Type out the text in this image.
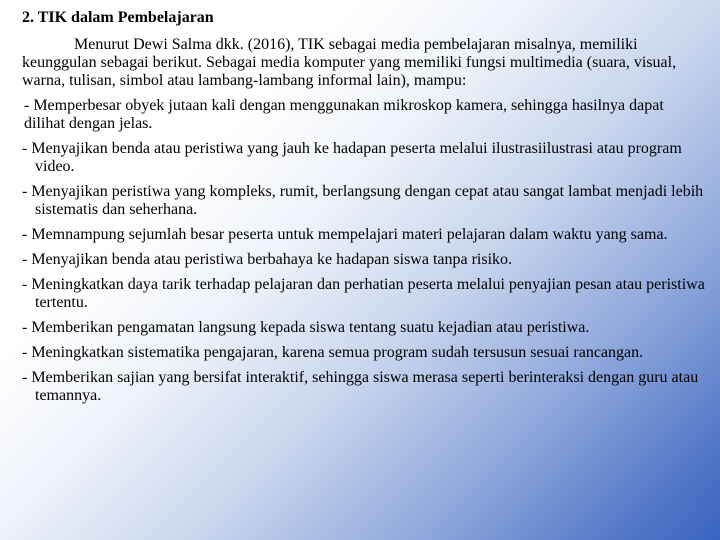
2. TIK dalam Pembelajaran

Menurut Dewi Salma dkk. (2016), TIK sebagai media pembelajaran misalnya, memiliki keunggulan sebagai berikut. Sebagai media komputer yang memiliki fungsi multimedia (suara, visual, warna, tulisan, simbol atau lambang-lambang informal lain), mampu:

- Memperbesar obyek jutaan kali dengan menggunakan mikroskop kamera, sehingga hasilnya dapat dilihat dengan jelas.

- Menyajikan benda atau peristiwa yang jauh ke hadapan peserta melalui ilustrasiilustrasi atau program video.

- Menyajikan peristiwa yang kompleks, rumit, berlangsung dengan cepat atau sangat lambat menjadi lebih sistematis dan seherhana.

- Memnampung sejumlah besar peserta untuk mempelajari materi pelajaran dalam waktu yang sama.

- Menyajikan benda atau peristiwa berbahaya ke hadapan siswa tanpa risiko.

- Meningkatkan daya tarik terhadap pelajaran dan perhatian peserta melalui penyajian pesan atau peristiwa tertentu.

- Memberikan pengamatan langsung kepada siswa tentang suatu kejadian atau peristiwa.

- Meningkatkan sistematika pengajaran, karena semua program sudah tersusun sesuai rancangan.

- Memberikan sajian yang bersifat interaktif, sehingga siswa merasa seperti berinteraksi dengan guru atau temannya.
